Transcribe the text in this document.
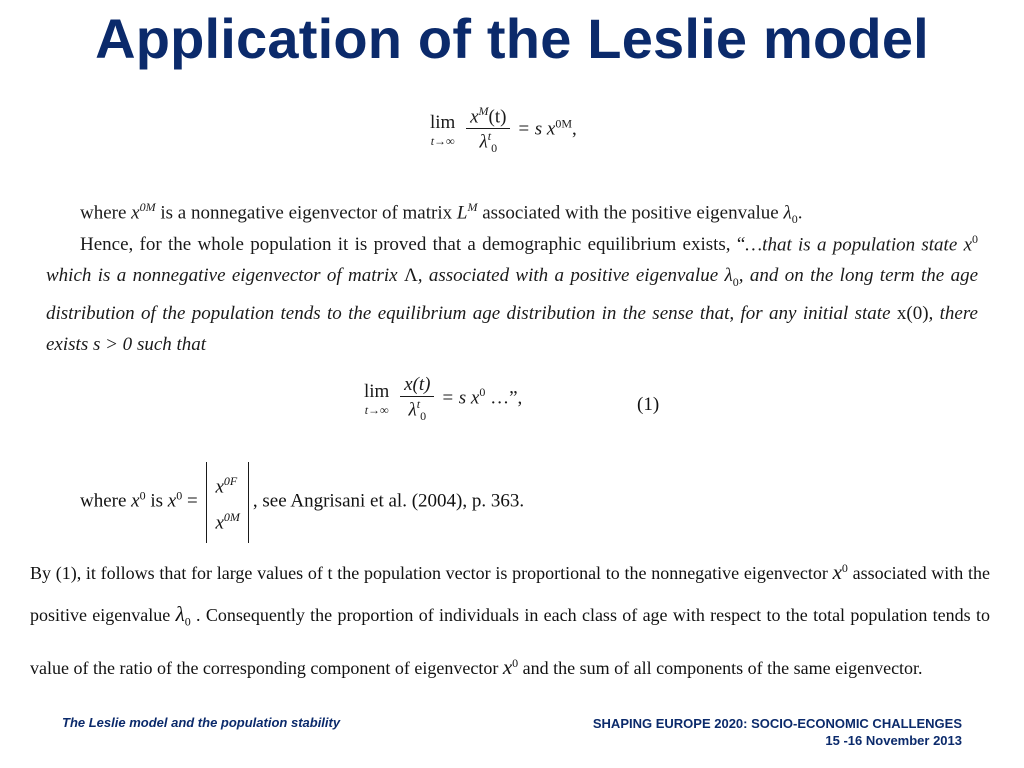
Application of the Leslie model
lim
t→∞
$\frac{x^M(t)}{\lambda^t_0} = s$ $x^{0M}$,
where $x^{0M}$ is a nonnegative eigenvector of matrix $L^M$ associated with the positive eigenvalue $\lambda_0$.
Hence, for the whole population it is proved that a demographic equilibrium exists, “…that is a population state $x^0$ which is a nonnegative eigenvector of matrix Λ, associated with a positive eigenvalue $\lambda_0$, and on the long term the age distribution of the population tends to the equilibrium age distribution in the sense that, for any initial state x(0), there exists s > 0 such that
lim
t→∞
$\frac{x(t)}{\lambda^t_0} = s$ $x^0$ …”,	(1)
where $x^0$ is $x^0$ =
$x^{0F}$
$x^{0M}$
, see Angrisani et al. (2004), p. 363.
By (1), it follows that for large values of t the population vector is proportional to the nonnegative eigenvector $x^0$ associated with the positive eigenvalue $\lambda_0$ . Consequently the proportion of individuals in each class of age with respect to the total population tends to value of the ratio of the corresponding component of eigenvector $x^0$ and the sum of all components of the same eigenvector.
The Leslie model and the population stability	SHAPING EUROPE 2020: SOCIO-ECONOMIC CHALLENGES
15 -16 November 2013
